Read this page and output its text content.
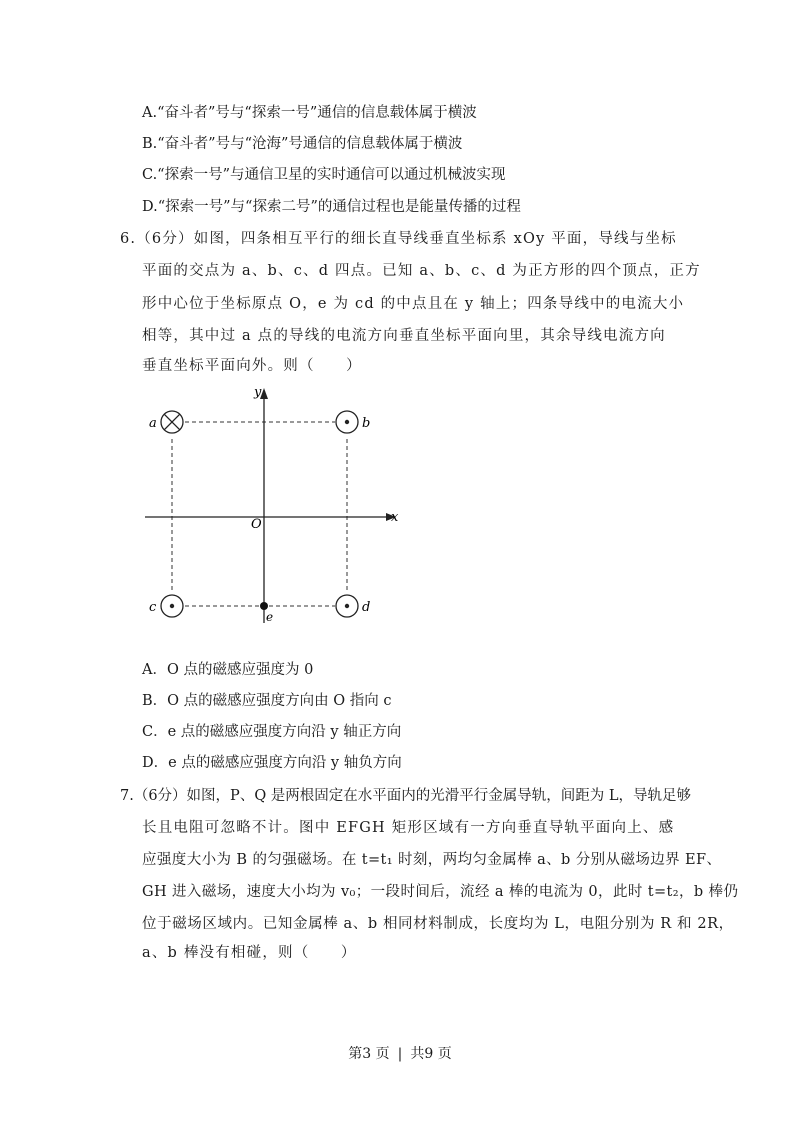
A.“奋斗者”号与“探索一号”通信的信息载体属于横波
B.“奋斗者”号与“沧海”号通信的信息载体属于横波
C.“探索一号”与通信卫星的实时通信可以通过机械波实现
D.“探索一号”与“探索二号”的通信过程也是能量传播的过程
6.（6分）如图，四条相互平行的细长直导线垂直坐标系 xOy 平面，导线与坐标
平面的交点为 a、b、c、d 四点。已知 a、b、c、d 为正方形的四个顶点，正方
形中心位于坐标原点 O，e 为 cd 的中点且在 y 轴上；四条导线中的电流大小
相等，其中过 a 点的导线的电流方向垂直坐标平面向里，其余导线电流方向
垂直坐标平面向外。则（　　）
x
y
O
a	b
c	d
e
A．O 点的磁感应强度为 0
B．O 点的磁感应强度方向由 O 指向 c
C．e 点的磁感应强度方向沿 y 轴正方向
D．e 点的磁感应强度方向沿 y 轴负方向
7.（6分）如图，P、Q 是两根固定在水平面内的光滑平行金属导轨，间距为 L，导轨足够
长且电阻可忽略不计。图中 EFGH 矩形区域有一方向垂直导轨平面向上、感
应强度大小为 B 的匀强磁场。在 t=t₁ 时刻，两均匀金属棒 a、b 分别从磁场边界 EF、
GH 进入磁场，速度大小均为 v₀；一段时间后，流经 a 棒的电流为 0，此时 t=t₂，b 棒仍
位于磁场区域内。已知金属棒 a、b 相同材料制成，长度均为 L，电阻分别为 R 和 2R，
a、b 棒没有相碰，则（　　）
第3 页 | 共9 页
